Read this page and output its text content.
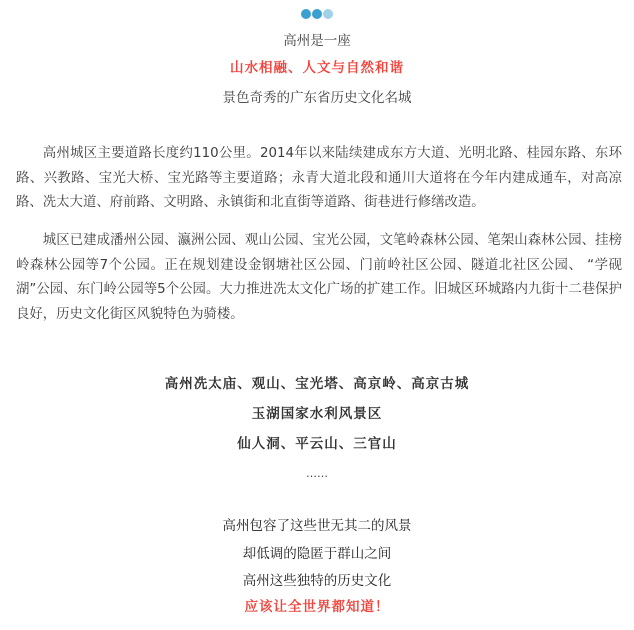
高州是一座
山水相融、人文与自然和谐
景色奇秀的广东省历史文化名城

高州城区主要道路长度约110公里。2014年以来陆续建成东方大道、光明北路、桂园东路、东环路、兴教路、宝光大桥、宝光路等主要道路；永青大道北段和通川大道将在今年内建成通车，对高凉路、冼太大道、府前路、文明路、永镇街和北直街等道路、街巷进行修缮改造。

城区已建成潘州公园、瀛洲公园、观山公园、宝光公园，文笔岭森林公园、笔架山森林公园、挂榜岭森林公园等7个公园。正在规划建设金钢塘社区公园、门前岭社区公园、隧道北社区公园、 “学砚湖”公园、东门岭公园等5个公园。大力推进冼太文化广场的扩建工作。旧城区环城路内九街十二巷保护良好，历史文化街区风貌特色为骑楼。

高州冼太庙、观山、宝光塔、高京岭、高京古城
玉湖国家水利风景区
仙人洞、平云山、三官山
……
高州包容了这些世无其二的风景
却低调的隐匿于群山之间
高州这些独特的历史文化
应该让全世界都知道！
